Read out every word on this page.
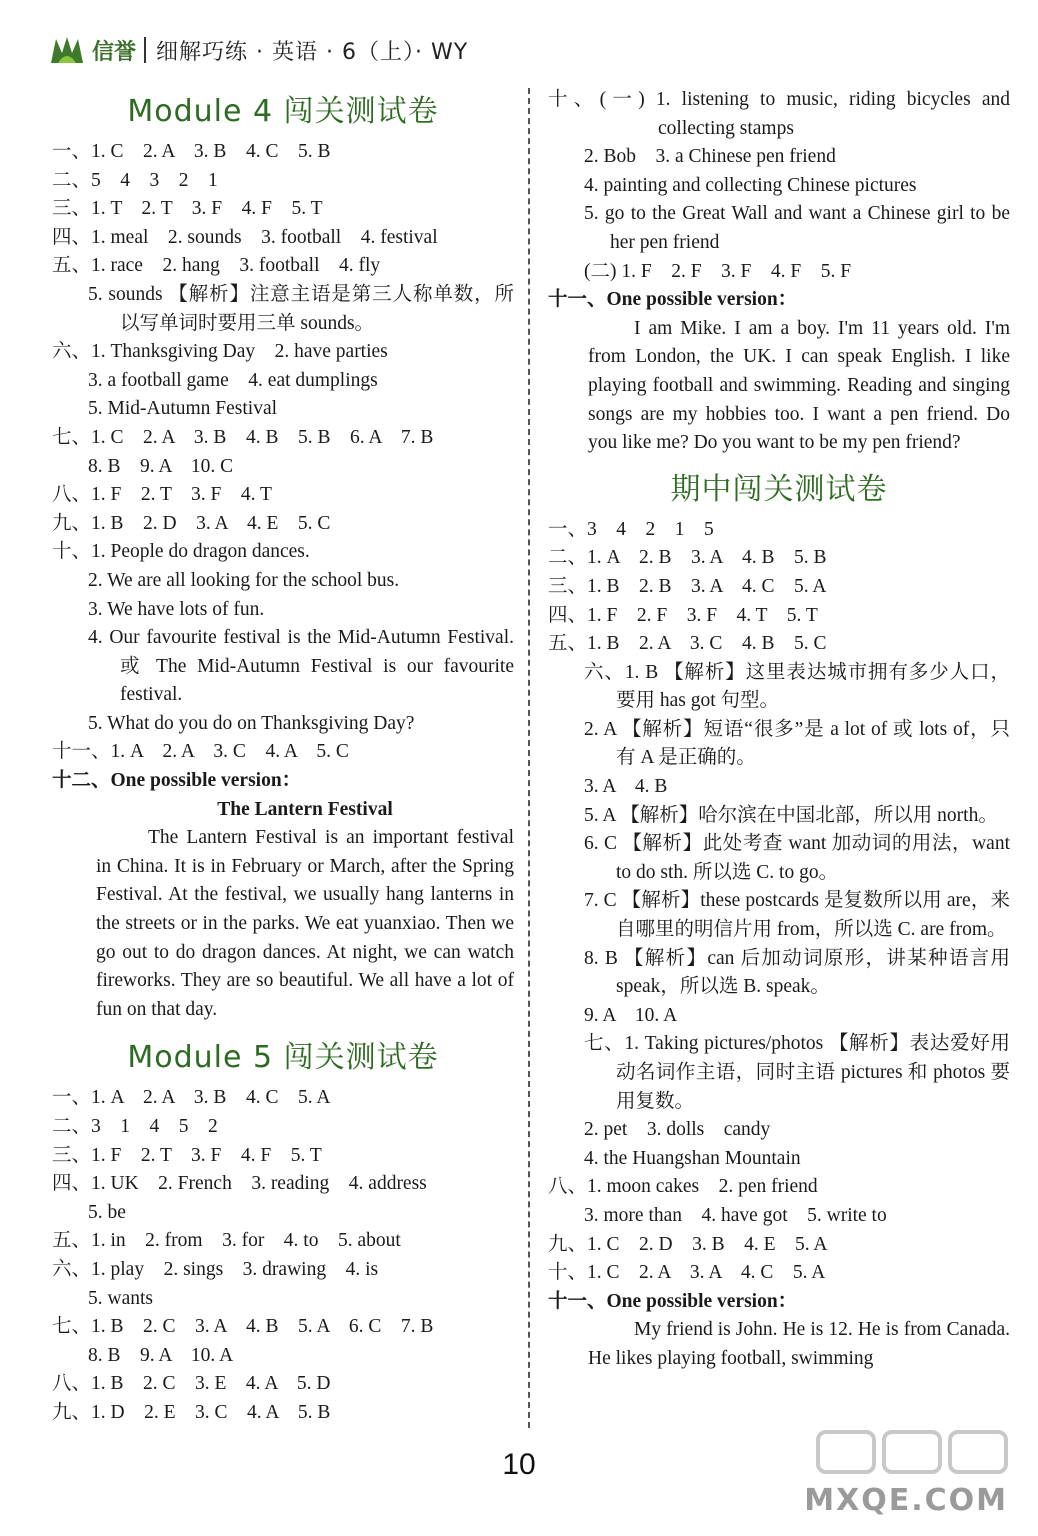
信誉 细解巧练 · 英语 · 6（上）· WY
Module 4 闯关测试卷
一、1. C　2. A　3. B　4. C　5. B
二、5　4　3　2　1
三、1. T　2. T　3. F　4. F　5. T
四、1. meal　2. sounds　3. football　4. festival
五、1. race　2. hang　3. football　4. fly
5. sounds 【解析】注意主语是第三人称单数，所以写单词时要用三单 sounds。
六、1. Thanksgiving Day　2. have parties
3. a football game　4. eat dumplings
5. Mid-Autumn Festival
七、1. C　2. A　3. B　4. B　5. B　6. A　7. B
8. B　9. A　10. C
八、1. F　2. T　3. F　4. T
九、1. B　2. D　3. A　4. E　5. C
十、1. People do dragon dances.
2. We are all looking for the school bus.
3. We have lots of fun.
4. Our favourite festival is the Mid-Autumn Festival. 或 The Mid-Autumn Festival is our favourite festival.
5. What do you do on Thanksgiving Day?
十一、1. A　2. A　3. C　4. A　5. C
十二、One possible version：
The Lantern Festival
The Lantern Festival is an important festival in China. It is in February or March, after the Spring Festival. At the festival, we usually hang lanterns in the streets or in the parks. We eat yuanxiao. Then we go out to do dragon dances. At night, we can watch fireworks. They are so beautiful. We all have a lot of fun on that day.
Module 5 闯关测试卷
一、1. A　2. A　3. B　4. C　5. A
二、3　1　4　5　2
三、1. F　2. T　3. F　4. F　5. T
四、1. UK　2. French　3. reading　4. address
5. be
五、1. in　2. from　3. for　4. to　5. about
六、1. play　2. sings　3. drawing　4. is
5. wants
七、1. B　2. C　3. A　4. B　5. A　6. C　7. B
8. B　9. A　10. A
八、1. B　2. C　3. E　4. A　5. D
九、1. D　2. E　3. C　4. A　5. B
十、(一) 1. listening to music, riding bicycles and collecting stamps
2. Bob　3. a Chinese pen friend
4. painting and collecting Chinese pictures
5. go to the Great Wall and want a Chinese girl to be her pen friend
(二) 1. F　2. F　3. F　4. F　5. F
十一、One possible version：
I am Mike. I am a boy. I'm 11 years old. I'm from London, the UK. I can speak English. I like playing football and swimming. Reading and singing songs are my hobbies too. I want a pen friend. Do you like me? Do you want to be my pen friend?
期中闯关测试卷
一、3　4　2　1　5
二、1. A　2. B　3. A　4. B　5. B
三、1. B　2. B　3. A　4. C　5. A
四、1. F　2. F　3. F　4. T　5. T
五、1. B　2. A　3. C　4. B　5. C
六、1. B 【解析】这里表达城市拥有多少人口，要用 has got 句型。
2. A 【解析】短语“很多”是 a lot of 或 lots of，只有 A 是正确的。
3. A　4. B
5. A 【解析】哈尔滨在中国北部，所以用 north。
6. C 【解析】此处考查 want 加动词的用法，want to do sth. 所以选 C. to go。
7. C 【解析】these postcards 是复数所以用 are，来自哪里的明信片用 from，所以选 C. are from。
8. B 【解析】can 后加动词原形，讲某种语言用 speak，所以选 B. speak。
9. A　10. A
七、1. Taking pictures/photos 【解析】表达爱好用动名词作主语，同时主语 pictures 和 photos 要用复数。
2. pet　3. dolls　candy
4. the Huangshan Mountain
八、1. moon cakes　2. pen friend
3. more than　4. have got　5. write to
九、1. C　2. D　3. B　4. E　5. A
十、1. C　2. A　3. A　4. C　5. A
十一、One possible version：
My friend is John. He is 12. He is from Canada. He likes playing football, swimming
10
MXQE.COM
